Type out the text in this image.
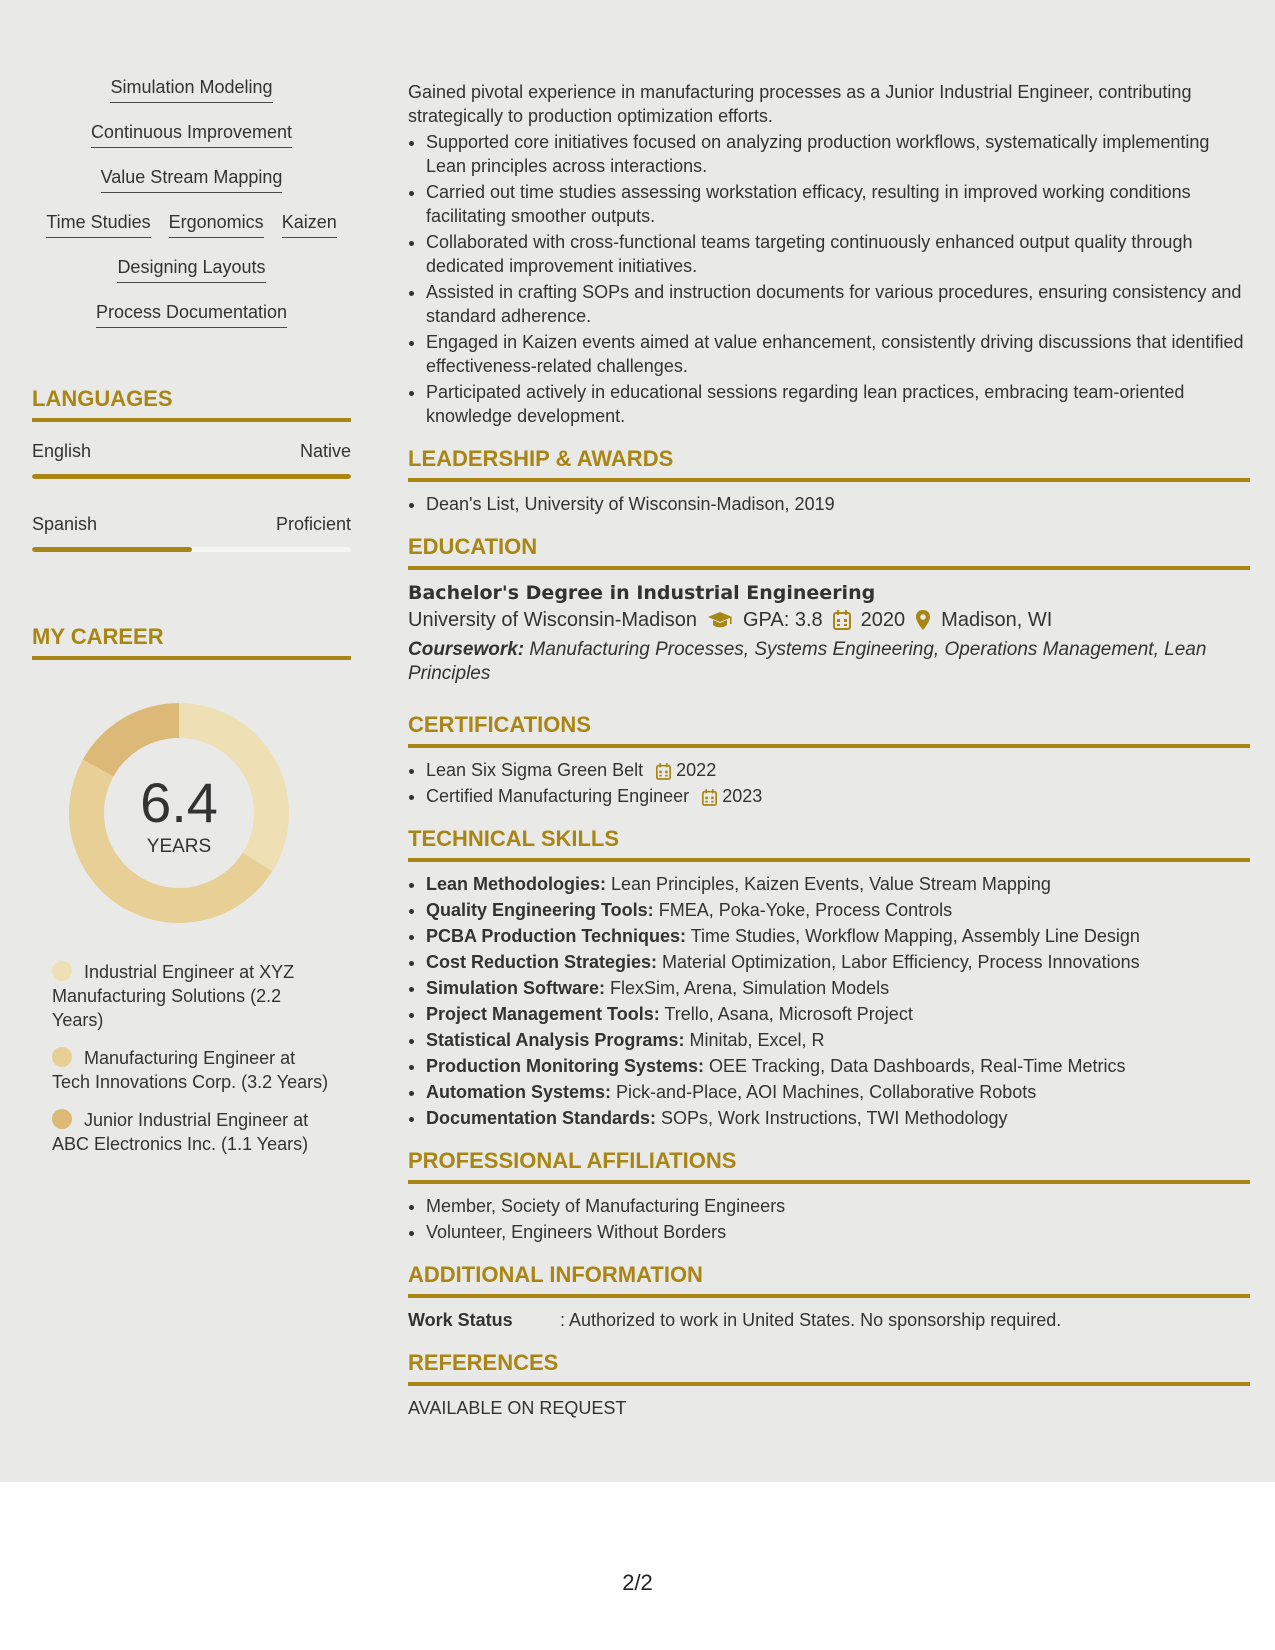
Simulation Modeling
Continuous Improvement
Value Stream Mapping
Time Studies Ergonomics Kaizen
Designing Layouts
Process Documentation
LANGUAGES
English	Native
Spanish	Proficient
MY CAREER
6.4
YEARS
Industrial Engineer at XYZ Manufacturing Solutions (2.2 Years)
Manufacturing Engineer at Tech Innovations Corp. (3.2 Years)
Junior Industrial Engineer at ABC Electronics Inc. (1.1 Years)
Gained pivotal experience in manufacturing processes as a Junior Industrial Engineer, contributing strategically to production optimization efforts.
• Supported core initiatives focused on analyzing production workflows, systematically implementing Lean principles across interactions.
• Carried out time studies assessing workstation efficacy, resulting in improved working conditions facilitating smoother outputs.
• Collaborated with cross-functional teams targeting continuously enhanced output quality through dedicated improvement initiatives.
• Assisted in crafting SOPs and instruction documents for various procedures, ensuring consistency and standard adherence.
• Engaged in Kaizen events aimed at value enhancement, consistently driving discussions that identified effectiveness-related challenges.
• Participated actively in educational sessions regarding lean practices, embracing team-oriented knowledge development.
LEADERSHIP & AWARDS
• Dean's List, University of Wisconsin-Madison, 2019
EDUCATION
Bachelor's Degree in Industrial Engineering
University of Wisconsin-Madison GPA: 3.8 2020 Madison, WI
Coursework: Manufacturing Processes, Systems Engineering, Operations Management, Lean Principles
CERTIFICATIONS
• Lean Six Sigma Green Belt 2022
• Certified Manufacturing Engineer 2023
TECHNICAL SKILLS
• Lean Methodologies: Lean Principles, Kaizen Events, Value Stream Mapping
• Quality Engineering Tools: FMEA, Poka-Yoke, Process Controls
• PCBA Production Techniques: Time Studies, Workflow Mapping, Assembly Line Design
• Cost Reduction Strategies: Material Optimization, Labor Efficiency, Process Innovations
• Simulation Software: FlexSim, Arena, Simulation Models
• Project Management Tools: Trello, Asana, Microsoft Project
• Statistical Analysis Programs: Minitab, Excel, R
• Production Monitoring Systems: OEE Tracking, Data Dashboards, Real-Time Metrics
• Automation Systems: Pick-and-Place, AOI Machines, Collaborative Robots
• Documentation Standards: SOPs, Work Instructions, TWI Methodology
PROFESSIONAL AFFILIATIONS
• Member, Society of Manufacturing Engineers
• Volunteer, Engineers Without Borders
ADDITIONAL INFORMATION
Work Status	: Authorized to work in United States. No sponsorship required.
REFERENCES
AVAILABLE ON REQUEST
2/2
